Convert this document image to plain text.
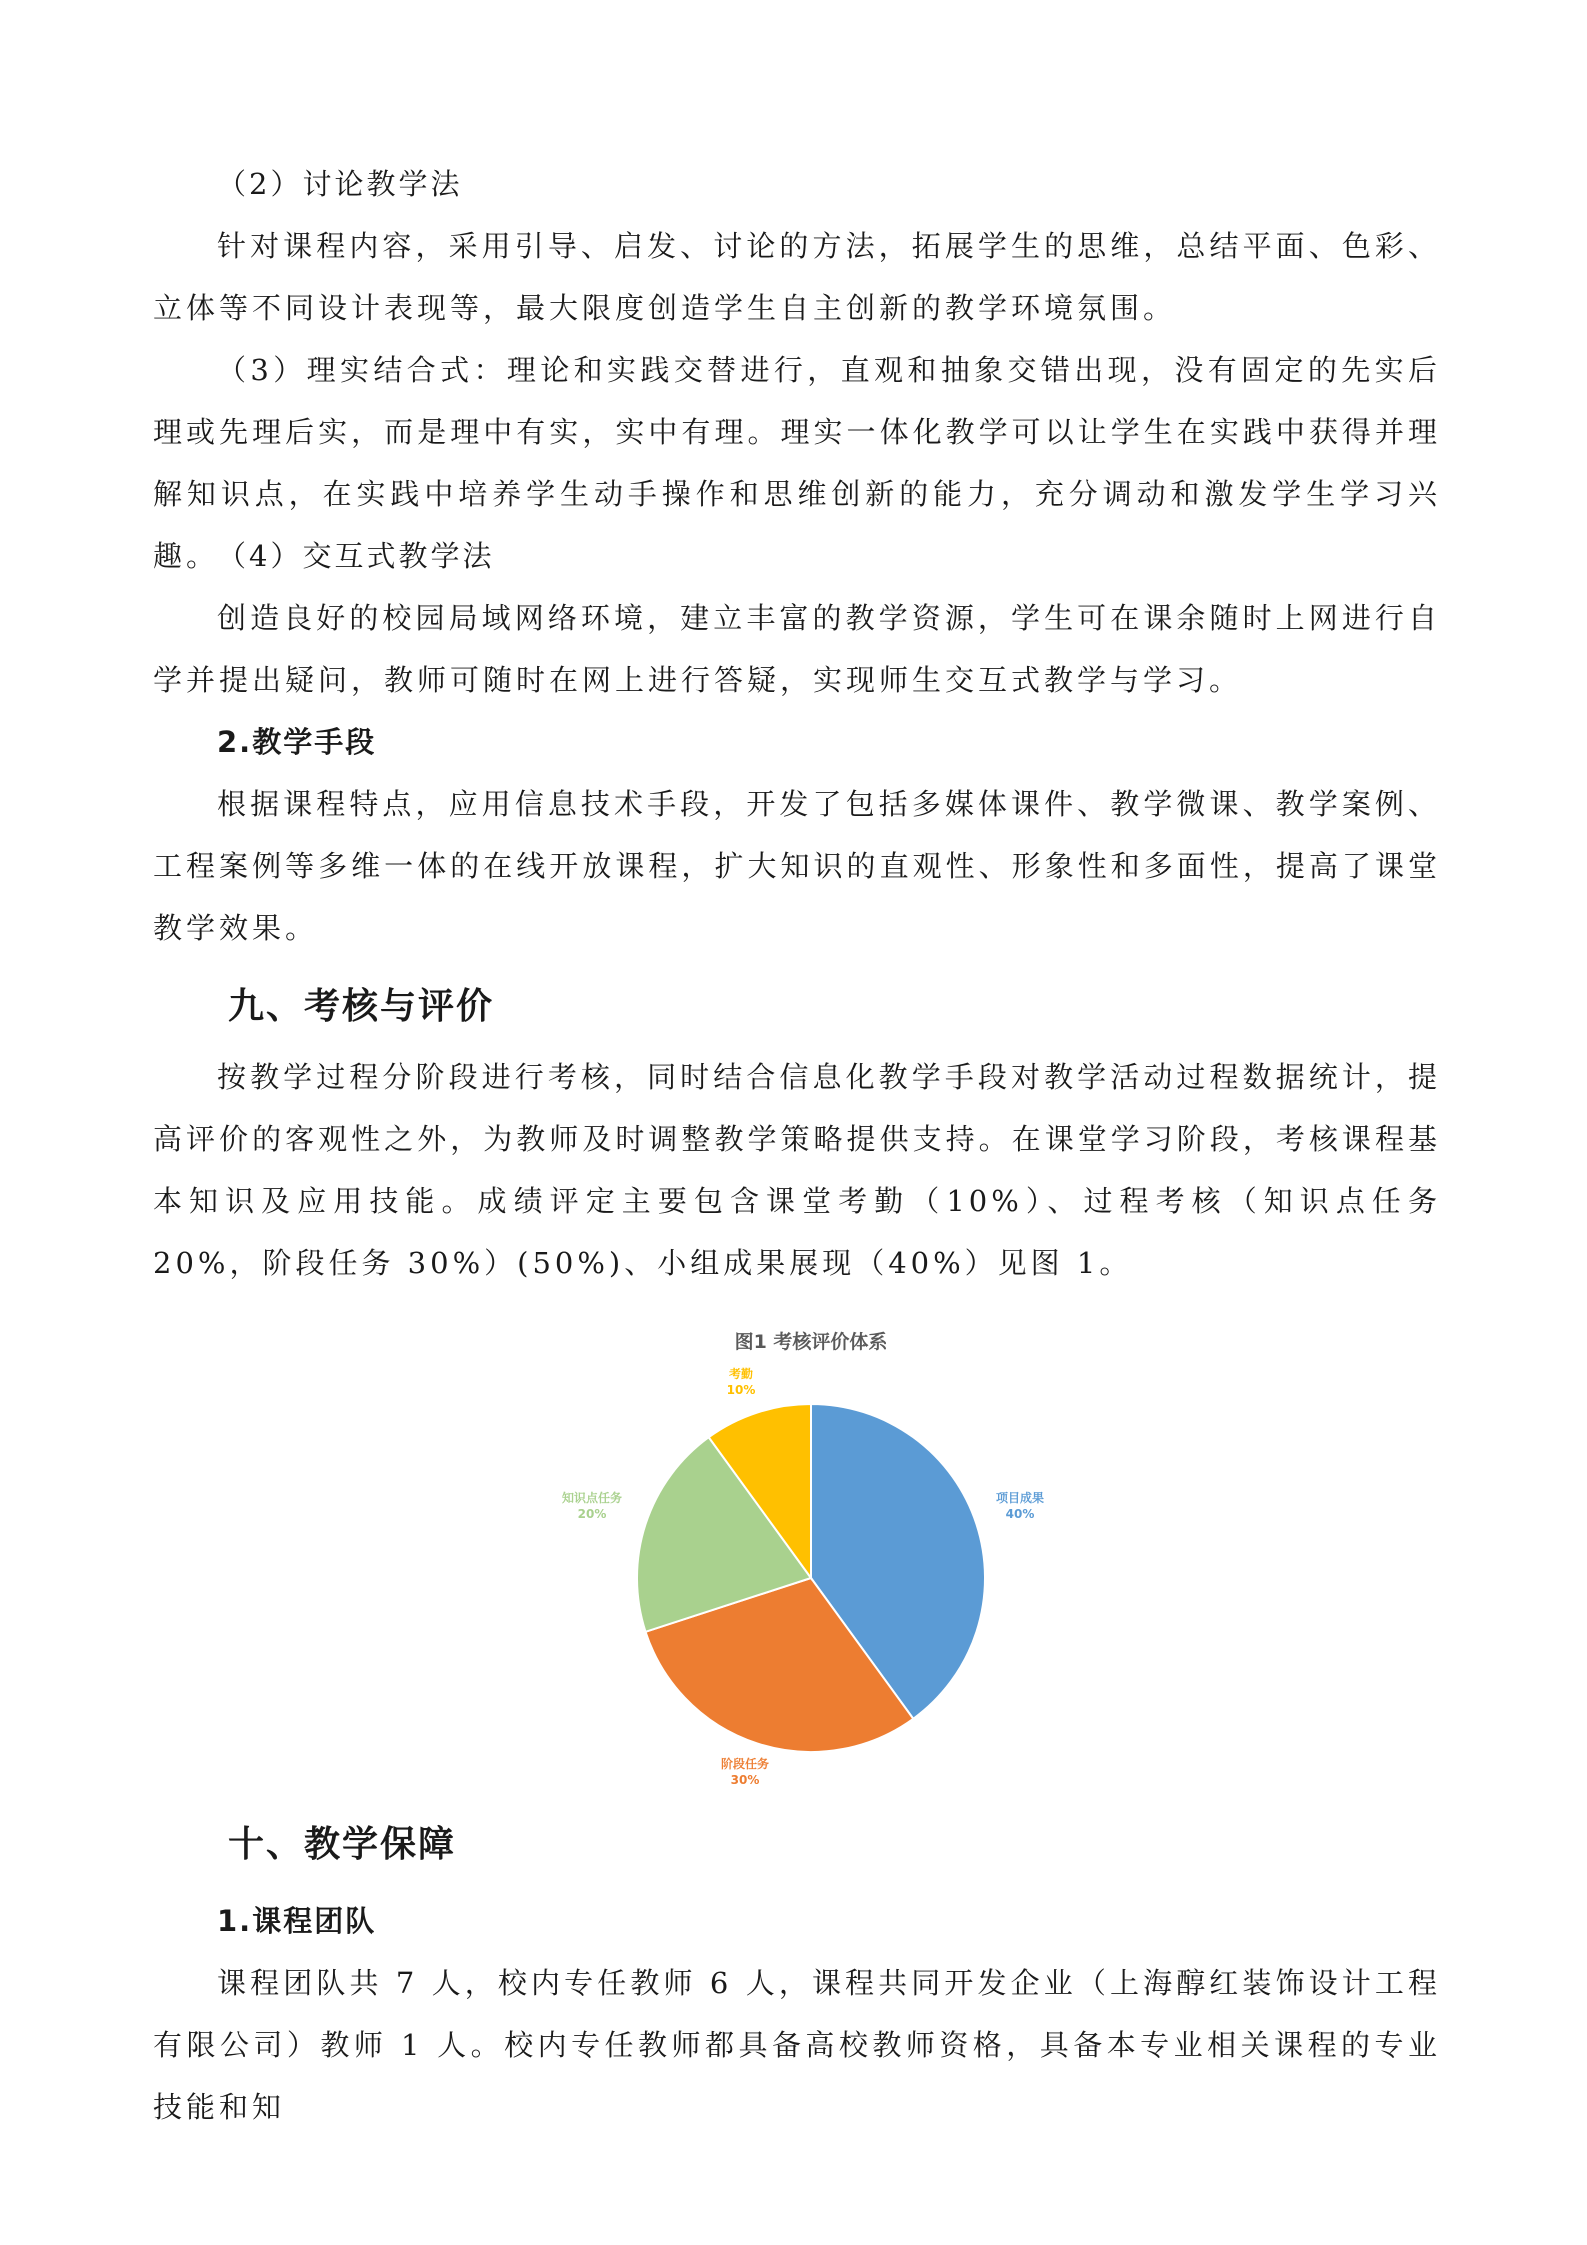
（2）讨论教学法

针对课程内容，采用引导、启发、讨论的方法，拓展学生的思维，总结平面、色彩、立体等不同设计表现等，最大限度创造学生自主创新的教学环境氛围。

（3）理实结合式：理论和实践交替进行，直观和抽象交错出现，没有固定的先实后理或先理后实，而是理中有实，实中有理。理实一体化教学可以让学生在实践中获得并理解知识点，在实践中培养学生动手操作和思维创新的能力，充分调动和激发学生学习兴趣。

（4）交互式教学法

创造良好的校园局域网络环境，建立丰富的教学资源，学生可在课余随时上网进行自学并提出疑问，教师可随时在网上进行答疑，实现师生交互式教学与学习。

2.教学手段

根据课程特点，应用信息技术手段，开发了包括多媒体课件、教学微课、教学案例、工程案例等多维一体的在线开放课程，扩大知识的直观性、形象性和多面性，提高了课堂教学效果。

九、考核与评价

按教学过程分阶段进行考核，同时结合信息化教学手段对教学活动过程数据统计，提高评价的客观性之外，为教师及时调整教学策略提供支持。在课堂学习阶段，考核课程基本知识及应用技能。成绩评定主要包含课堂考勤（10%）、过程考核（知识点任务 20%，阶段任务 30%）(50%)、小组成果展现（40%）见图 1。

图1 考核评价体系
项目成果
40%
阶段任务
30%
知识点任务
20%
考勤
10%
十、教学保障

1.课程团队

课程团队共 7 人，校内专任教师 6 人，课程共同开发企业（上海醇红装饰设计工程有限公司）教师 1 人。校内专任教师都具备高校教师资格，具备本专业相关课程的专业技能和知
